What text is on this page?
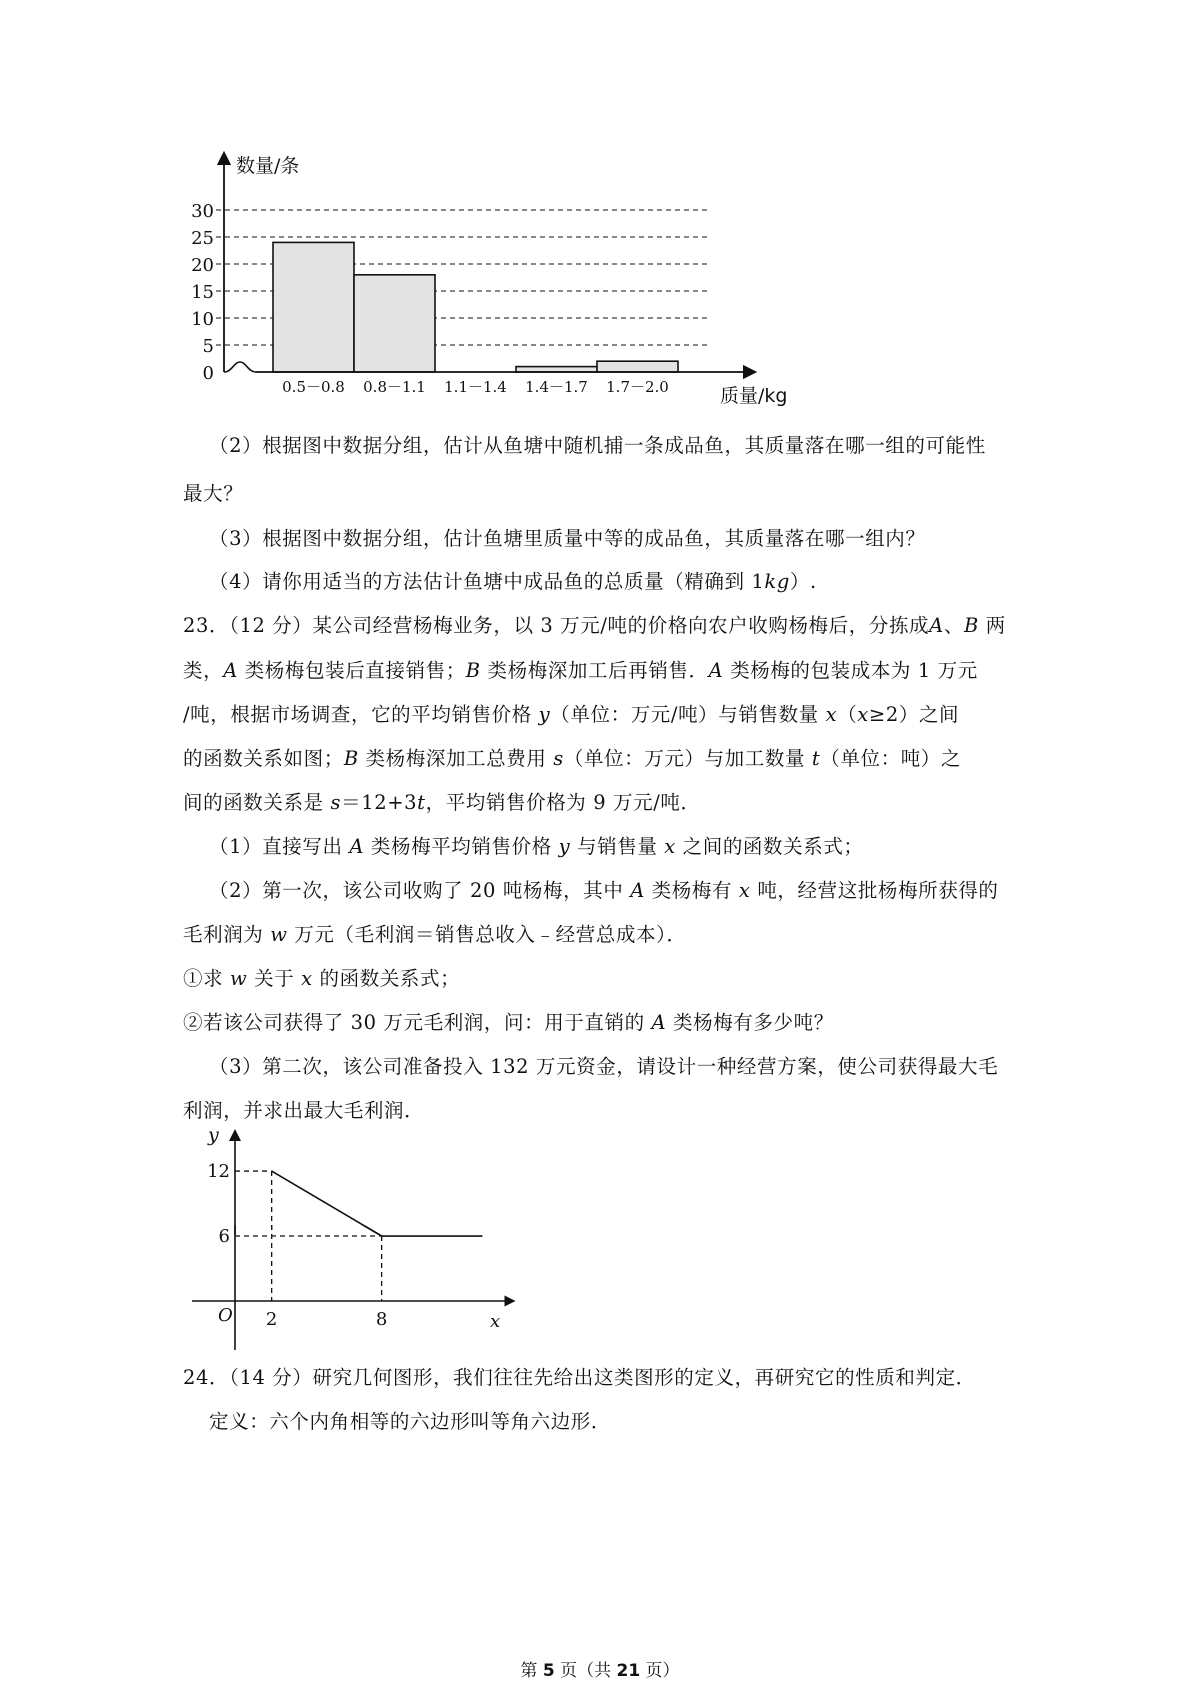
0
5
10
15
20
25
30
0.5－0.8 0.8－1.1 1.1－1.4 1.4－1.7 1.7－2.0
数量/条
质量/kg
（2）根据图中数据分组，估计从鱼塘中随机捕一条成品鱼，其质量落在哪一组的可能性
最大？
（3）根据图中数据分组，估计鱼塘里质量中等的成品鱼，其质量落在哪一组内？
（4）请你用适当的方法估计鱼塘中成品鱼的总质量（精确到 1kg）.
23．（12 分）某公司经营杨梅业务，以 3 万元/吨的价格向农户收购杨梅后，分拣成A、B 两
类，A 类杨梅包装后直接销售；B 类杨梅深加工后再销售．A 类杨梅的包装成本为 1 万元
/吨，根据市场调查，它的平均销售价格 y（单位：万元/吨）与销售数量 x（x≥2）之间
的函数关系如图；B 类杨梅深加工总费用 s（单位：万元）与加工数量 t（单位：吨）之
间的函数关系是 s＝12+3t，平均销售价格为 9 万元/吨．
（1）直接写出 A 类杨梅平均销售价格 y 与销售量 x 之间的函数关系式；
（2）第一次，该公司收购了 20 吨杨梅，其中 A 类杨梅有 x 吨，经营这批杨梅所获得的
毛利润为 w 万元（毛利润＝销售总收入﹣经营总成本）．
①求 w 关于 x 的函数关系式；
②若该公司获得了 30 万元毛利润，问：用于直销的 A 类杨梅有多少吨？
（3）第二次，该公司准备投入 132 万元资金，请设计一种经营方案，使公司获得最大毛
利润，并求出最大毛利润．
6
2	8
O	x
y
12
24．（14 分）研究几何图形，我们往往先给出这类图形的定义，再研究它的性质和判定．
定义：六个内角相等的六边形叫等角六边形．
第 5 页（共 21 页）
